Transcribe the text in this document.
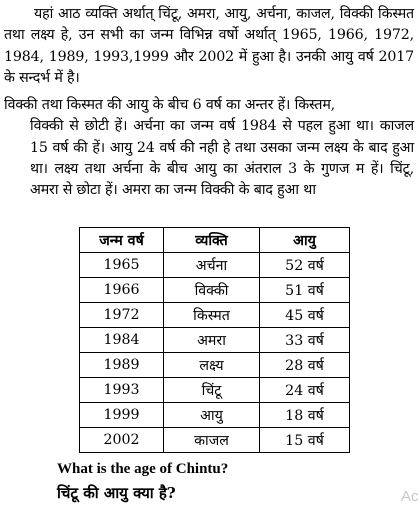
यहां आठ व्यक्ति अर्थात् चिंटू, अमरा, आयु, अर्चना, काजल, विक्की किस्मत तथा लक्ष्य हे, उन सभी का जन्म विभिन्न वर्षो अर्थात् 1965, 1966, 1972, 1984, 1989, 1993,1999 और 2002 में हुआ है। उनकी आयु वर्ष 2017 के सन्दर्भ में है।
विक्की तथा किस्मत की आयु के बीच 6 वर्ष का अन्तर हें। किस्तम,
विक्की से छोटी हें। अर्चना का जन्म वर्ष 1984 से पहल हुआ था। काजल 15 वर्ष की हें। आयु 24 वर्ष की नही हे तथा उसका जन्म लक्ष्य के बाद हुआ था। लक्ष्य तथा अर्चना के बीच आयु का अंतराल 3 के गुणज म हें। चिंटू, अमरा से छोटा हें। अमरा का जन्म विक्की के बाद हुआ था
जन्म वर्ष	व्यक्ति	आयु
1965	अर्चना	52 वर्ष
1966	विक्की	51 वर्ष
1972	किस्मत	45 वर्ष
1984	अमरा	33 वर्ष
1989	लक्ष्य	28 वर्ष
1993	चिंटू	24 वर्ष
1999	आयु	18 वर्ष
2002	काजल	15 वर्ष
What is the age of Chintu?
चिंटू की आयु क्या है?	Ac
